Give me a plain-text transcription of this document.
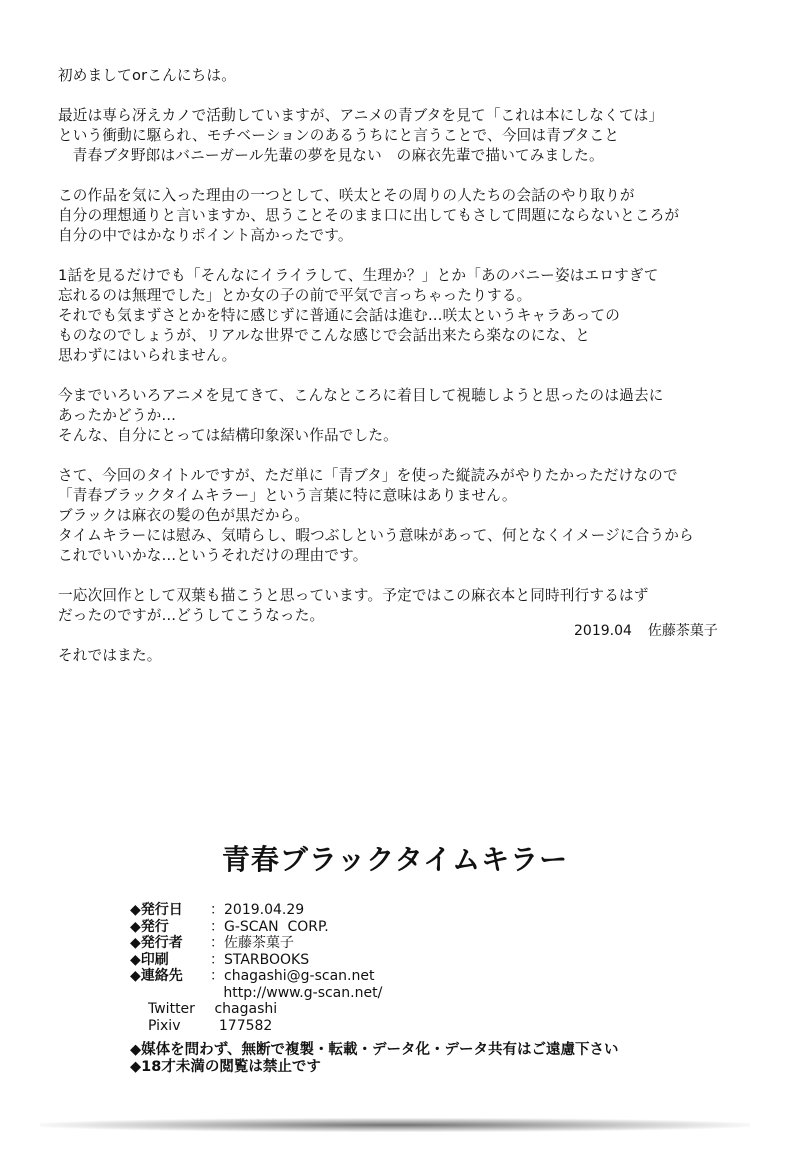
初めましてorこんにちは。
最近は専ら冴えカノで活動していますが、アニメの青ブタを見て「これは本にしなくては」
という衝動に駆られ、モチベーションのあるうちにと言うことで、今回は青ブタこと
　青春ブタ野郎はバニーガール先輩の夢を見ない　の麻衣先輩で描いてみました。
この作品を気に入った理由の一つとして、咲太とその周りの人たちの会話のやり取りが
自分の理想通りと言いますか、思うことそのまま口に出してもさして問題にならないところが
自分の中ではかなりポイント高かったです。
1話を見るだけでも「そんなにイライラして、生理か？」とか「あのバニー姿はエロすぎて
忘れるのは無理でした」とか女の子の前で平気で言っちゃったりする。
それでも気まずさとかを特に感じずに普通に会話は進む…咲太というキャラあっての
ものなのでしょうが、リアルな世界でこんな感じで会話出来たら楽なのにな、と
思わずにはいられません。
今までいろいろアニメを見てきて、こんなところに着目して視聴しようと思ったのは過去に
あったかどうか…
そんな、自分にとっては結構印象深い作品でした。
さて、今回のタイトルですが、ただ単に「青ブタ」を使った縦読みがやりたかっただけなので
「青春ブラックタイムキラー」という言葉に特に意味はありません。
ブラックは麻衣の髪の色が黒だから。
タイムキラーには慰み、気晴らし、暇つぶしという意味があって、何となくイメージに合うから
これでいいかな…というそれだけの理由です。
一応次回作として双葉も描こうと思っています。予定ではこの麻衣本と同時刊行するはず
だったのですが…どうしてこうなった。
それではまた。
2019.04 佐藤茶菓子
青春ブラックタイムキラー
◆発行日	：2019.04.29
◆発行	：G-SCAN  CORP.
◆発行者	：佐藤茶菓子
◆印刷	：STARBOOKS
◆連絡先	：chagashi@g-scan.net
http://www.g-scan.net/
Twitter	chagashi
Pixiv	177582
◆媒体を問わず、無断で複製・転載・データ化・データ共有はご遠慮下さい
◆18才未満の閲覧は禁止です
